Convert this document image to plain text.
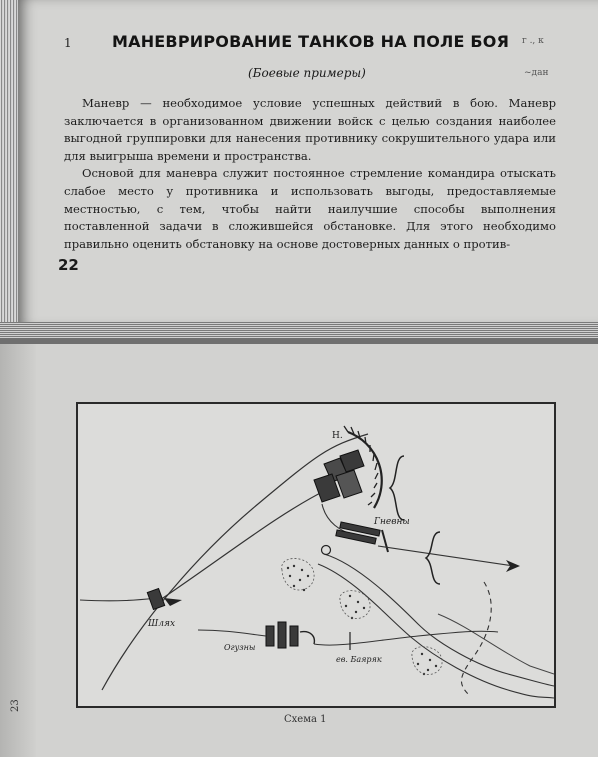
1	г ., к
~дан
МАНЕВРИРОВАНИЕ ТАНКОВ НА ПОЛЕ БОЯ
(Боевые примеры)

Маневр — необходимое условие успешных действий в бою. Маневр заключается в организованном движении войск с целью создания наиболее выгодной группировки для нанесения противнику сокрушительного удара или для выигрыша времени и пространства.

Основой для маневра служит постоянное стремление командира отыскать слабое место у противника и использовать выгоды, предоставляемые местностью, с тем, чтобы найти наилучшие способы выполнения поставленной задачи в сложившейся обстановке. Для этого необходимо правильно оценить обстановку на основе достоверных данных о против-

22
Н.
Гневны
Шлях
Огузны
ев. Баяряк
Схема 1
23
